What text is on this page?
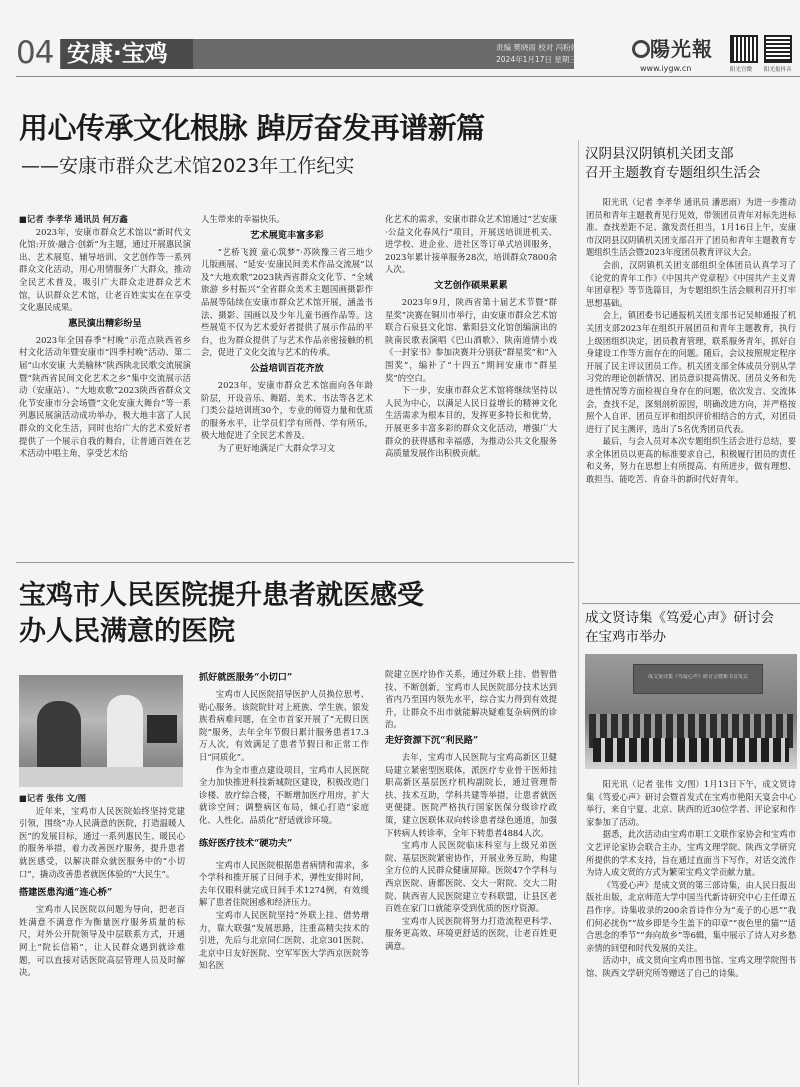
04 安康·宝鸡	责编 樊晓雨 校对 冯粉娟
2024年1月17日 星期三	陽光報
www.iygw.cn	阳光官微 阳光报抖音
用心传承文化根脉 踔厉奋发再谱新篇
——安康市群众艺术馆2023年工作纪实
■记者 李孝华 通讯员 何万鑫

2023年，安康市群众艺术馆以“新时代文化馆:开放·融合·创新”为主题，通过开展惠民演出、艺术展览、辅导培训、文艺创作等一系列群众文化活动，用心用情服务广大群众，推动全民艺术普及，吸引广大群众走进群众艺术馆，认识群众艺术馆，让老百姓实实在在享受文化惠民成果。

惠民演出精彩纷呈

2023年全国春季“村晚”示范点陕西省乡村文化活动年暨安康市“四季村晚”活动、第二届“山水安康 大美榆林”陕西陕北民歌交流展演暨“陕西省民间文化艺术之乡”集中交流展示活动（安康站）、“大地欢歌”2023陕西省群众文化节安康市分会场暨“文化安康大舞台”等一系列惠民展演活动成功举办，极大地丰富了人民群众的文化生活，同时也给广大的艺术爱好者提供了一个展示自我的舞台，让普通百姓在艺术活动中唱主角，享受艺术给

人生带来的幸福快乐。

艺术展览丰富多彩

“艺桥飞渡 童心筑梦”·苏陕豫三省三地少儿版画展、“延安·安康民间美术作品交流展”以及“大地欢歌”2023陕西省群众文化节、“全域旅游 乡村振兴”全省群众美术主题国画摄影作品展等陆续在安康市群众艺术馆开展，涵盖书法、摄影、国画以及少年儿童书画作品等。这些展览不仅为艺术爱好者提供了展示作品的平台，也为群众提供了与艺术作品亲密接触的机会，促进了文化交流与艺术的传承。

公益培训百花齐放

2023年，安康市群众艺术馆面向各年龄阶层，开设音乐、舞蹈、美术、书法等各艺术门类公益培训班30个，专业的师资力量和优质的服务水平，让学员们学有所得、学有所乐，极大地促进了全民艺术普及。

为了更好地满足广大群众学习文

化艺术的需求，安康市群众艺术馆通过“艺安康·公益文化春风行”项目，开展送培训进机关、进学校、进企业、进社区等订单式培训服务，2023年累计接单服务28次，培训群众7800余人次。

文艺创作硕果累累

2023年9月，陕西省第十届艺术节暨“群星奖”决赛在铜川市举行，由安康市群众艺术馆联合石泉县文化馆、紫阳县文化馆创编演出的陕南民歌表演唱《巴山酒歌》、陕南道情小戏《一封家书》参加决赛并分别获“群星奖”和“入围奖”，编补了“十四五”期间安康市“群星奖”的空白。

下一步，安康市群众艺术馆将继续坚持以人民为中心，以满足人民日益增长的精神文化生活需求为根本目的，发挥更多特长和优势，开展更多丰富多彩的群众文化活动，增强广大群众的获得感和幸福感，为推动公共文化服务高质量发展作出积极贡献。

宝鸡市人民医院提升患者就医感受
办人民满意的医院
■记者 张伟 文/图

近年来，宝鸡市人民医院始终坚持党建引领，围绕“办人民满意的医院，打造温暖人医”的发展目标，通过一系列惠民生、暖民心的服务举措，着力改善医疗服务，提升患者就医感受，以解决群众就医服务中的“小切口”，撬动改善患者就医体验的“大民生”。

搭建医患沟通“连心桥”

宝鸡市人民医院以问题为导向，把老百姓满意不满意作为衡量医疗服务质量的标尺，对外公开院领导及中层联系方式，开通网上“院长信箱”，让人民群众遇到就诊难题，可以直接对话医院高层管理人员及时解决。

抓好就医服务“小切口”

宝鸡市人民医院招导医护人员换位思考、贴心服务。该院院针对上班族、学生族、银发族看病难问题，在全市首家开展了“无假日医院”服务，去年全年节假日累计服务患者17.3万人次，有效满足了患者节假日和正常工作日“同质化”。

作为全市重点建设项目，宝鸡市人民医院全力加快推进科技新城院区建设，积极改造门诊楼、放疗综合楼，不断增加医疗用房，扩大就诊空间；调整病区布局，倾心打造“家庭化、人性化、品质化”舒适就诊环境。

练好医疗技术“硬功夫”

宝鸡市人民医院根据患者病情和需求，多个学科和推开展了日间手术，弹性安排时间，去年仅眼科就完成日间手术1274例，有效缓解了患者住院困惑和经济压力。

宝鸡市人民医院坚持“外联上挂、借势增力，靠大联强”发展思路，注重高精尖技术的引进，先后与北京同仁医院、北京301医院、北京中日友好医院、空军军医大学西京医院等知名医

院建立医疗协作关系，通过外联上挂、借智借技、不断创新，宝鸡市人民医院部分技术达到省内乃至国内领先水平，综合实力得到有效提升，让群众不出市就能解决疑难复杂病例的诊治。

走好资源下沉“利民路”

去年，宝鸡市人民医院与宝鸡高新区卫健局建立紧密型医联体，派医疗专业骨干医师挂职高新区基层医疗机构副院长，通过管理帮扶、技术互助，学科共建等举措，让患者就医更便捷。医院严格执行国家医保分级诊疗政策，建立医联体双向转诊患者绿色通道，加强下转病人转诊率，全年下转患者4884人次。

宝鸡市人民医院临床科室与上级兄弟医院、基层医院紧密协作，开展业务互助，构建全方位的人民群众健康屏障。医院47个学科与西京医院、唐都医院、交大一附院、交大二附院、陕西省人民医院建立专科联盟，让县区老百姓在家门口就能享受到优质的医疗资源。

宝鸡市人民医院将努力打造流程更科学、服务更高效、环境更舒适的医院，让老百姓更满意。

汉阴县汉阴镇机关团支部
召开主题教育专题组织生活会

阳光讯（记者 李孝华 通讯员 潘思雨）为进一步推动团员和青年主题教育见行见效，带领团员青年对标先进标准、查找差距不足、激发责任担当，1月16日上午，安康市汉阴县汉阴镇机关团支部召开了团员和青年主题教育专题组织生活会暨2023年度团员教育评议大会。

会前，汉阴镇机关团支部组织全体团员认真学习了《论党的青年工作》《中国共产党章程》《中国共产主义青年团章程》等节选篇目，为专题组织生活会顺利召开打牢思想基础。

会上，镇团委书记通报机关团支部书记吴帅通报了机关团支部2023年在组织开展团员和青年主题教育，执行上级团组织决定，团员教育管理，联系服务青年，抓好自身建设工作等方面存在的问题。随后，会议按照规定程序开展了民主评议团员工作。机关团支部全体成员分别从学习党的理论创新情况、团员意识提高情况、团员义务和先进性情况等方面检视自身存在的问题，依次发言、交流体会，查找不足，深刻剖析原因，明确改进方向，并严格按照个人自评、团员互评和组织评价相结合的方式，对团员进行了民主测评，选出了5名优秀团员代表。

最后，与会人员对本次专题组织生活会进行总结，要求全体团员以更高的标准要求自己，积极履行团员的责任和义务，努力在思想上有所提高、有所进步，做有理想、敢担当、能吃苦、肯奋斗的新时代好青年。

成文贤诗集《笃爱心声》研讨会
在宝鸡市举办
成文贤诗集《笃爱心声》研讨会暨新书首发式

阳光讯（记者 张伟 文/图）1月13日下午，成文贤诗集《笃爱心声》研讨会暨首发式在宝鸡市艳阳天宴会中心举行，来自宁夏、北京、陕西的近30位学者、评论家和作家参加了活动。

据悉，此次活动由宝鸡市职工文联作家协会和宝鸡市文艺评论家协会联合主办，宝鸡文理学院、陕西文学研究所提供的学术支持，旨在通过直面当下写作，对话交流作为诗人成文贤的方式为繁荣宝鸡文学贡献力量。

《笃爱心声》是成文贤的第三部诗集，由人民日报出版社出版，北京师范大学中国当代新诗研究中心主任谭五昌作序。诗集收录的200余首诗作分为“麦子的心思”“我们何必扰伤”“故乡即是今生盖下的印章”“夜色里的猫”“适合思念的季节”“奔向故乡”等6辑，集中展示了诗人对乡愁亲情的回望和时代发展的关注。

活动中，成文贤向宝鸡市图书馆、宝鸡文理学院图书馆、陕西文学研究所等赠送了自己的诗集。
